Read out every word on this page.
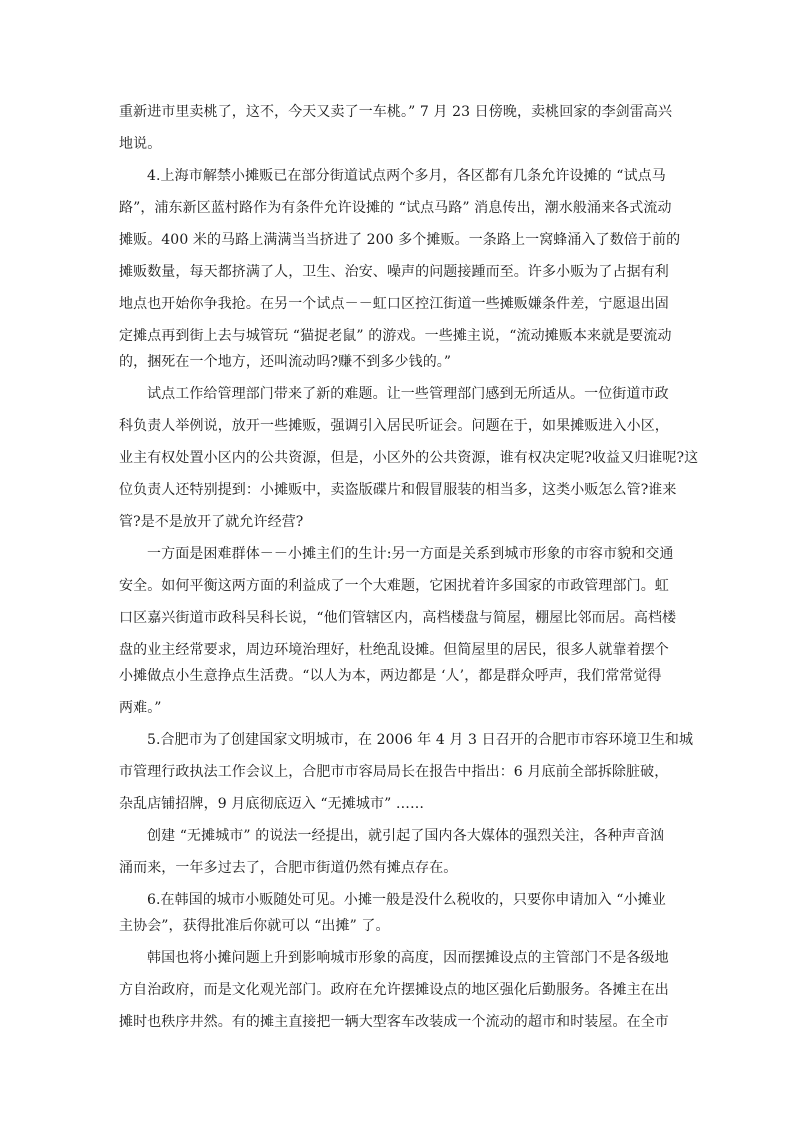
重新进市里卖桃了，这不，今天又卖了一车桃。” 7 月 23 日傍晚，卖桃回家的李剑雷高兴
地说。
4.上海市解禁小摊贩已在部分街道试点两个多月，各区都有几条允许设摊的 “试点马
路”，浦东新区蓝村路作为有条件允许设摊的 “试点马路” 消息传出，潮水般涌来各式流动
摊贩。400 米的马路上满满当当挤进了 200 多个摊贩。一条路上一窝蜂涌入了数倍于前的
摊贩数量，每天都挤满了人，卫生、治安、噪声的问题接踵而至。许多小贩为了占据有利
地点也开始你争我抢。在另一个试点－－虹口区控江街道一些摊贩嫌条件差，宁愿退出固
定摊点再到街上去与城管玩 “猫捉老鼠” 的游戏。一些摊主说，“流动摊贩本来就是要流动
的，捆死在一个地方，还叫流动吗?赚不到多少钱的。”
试点工作给管理部门带来了新的难题。让一些管理部门感到无所适从。一位街道市政
科负责人举例说，放开一些摊贩，强调引入居民听证会。问题在于，如果摊贩进入小区，
业主有权处置小区内的公共资源，但是，小区外的公共资源，谁有权决定呢?收益又归谁呢?这
位负责人还特别提到：小摊贩中，卖盗版碟片和假冒服装的相当多，这类小贩怎么管?谁来
管?是不是放开了就允许经营?
一方面是困难群体－－小摊主们的生计:另一方面是关系到城市形象的市容市貌和交通
安全。如何平衡这两方面的利益成了一个大难题，它困扰着许多国家的市政管理部门。虹
口区嘉兴街道市政科吴科长说，“他们管辖区内，高档楼盘与简屋，棚屋比邻而居。高档楼
盘的业主经常要求，周边环境治理好，杜绝乱设摊。但简屋里的居民，很多人就靠着摆个
小摊做点小生意挣点生活费。“以人为本，两边都是 ‘人’，都是群众呼声，我们常常觉得
两难。”
5.合肥市为了创建国家文明城市，在 2006 年 4 月 3 日召开的合肥市市容环境卫生和城
市管理行政执法工作会议上，合肥市市容局局长在报告中指出：6 月底前全部拆除脏破，
杂乱店铺招牌，9 月底彻底迈入 “无摊城市” ……
创建 “无摊城市” 的说法一经提出，就引起了国内各大媒体的强烈关注，各种声音汹
涌而来，一年多过去了，合肥市街道仍然有摊点存在。
6.在韩国的城市小贩随处可见。小摊一般是没什么税收的，只要你申请加入 “小摊业
主协会”，获得批准后你就可以 “出摊” 了。
韩国也将小摊问题上升到影响城市形象的高度，因而摆摊设点的主管部门不是各级地
方自治政府，而是文化观光部门。政府在允许摆摊设点的地区强化后勤服务。各摊主在出
摊时也秩序井然。有的摊主直接把一辆大型客车改装成一个流动的超市和时装屋。在全市
